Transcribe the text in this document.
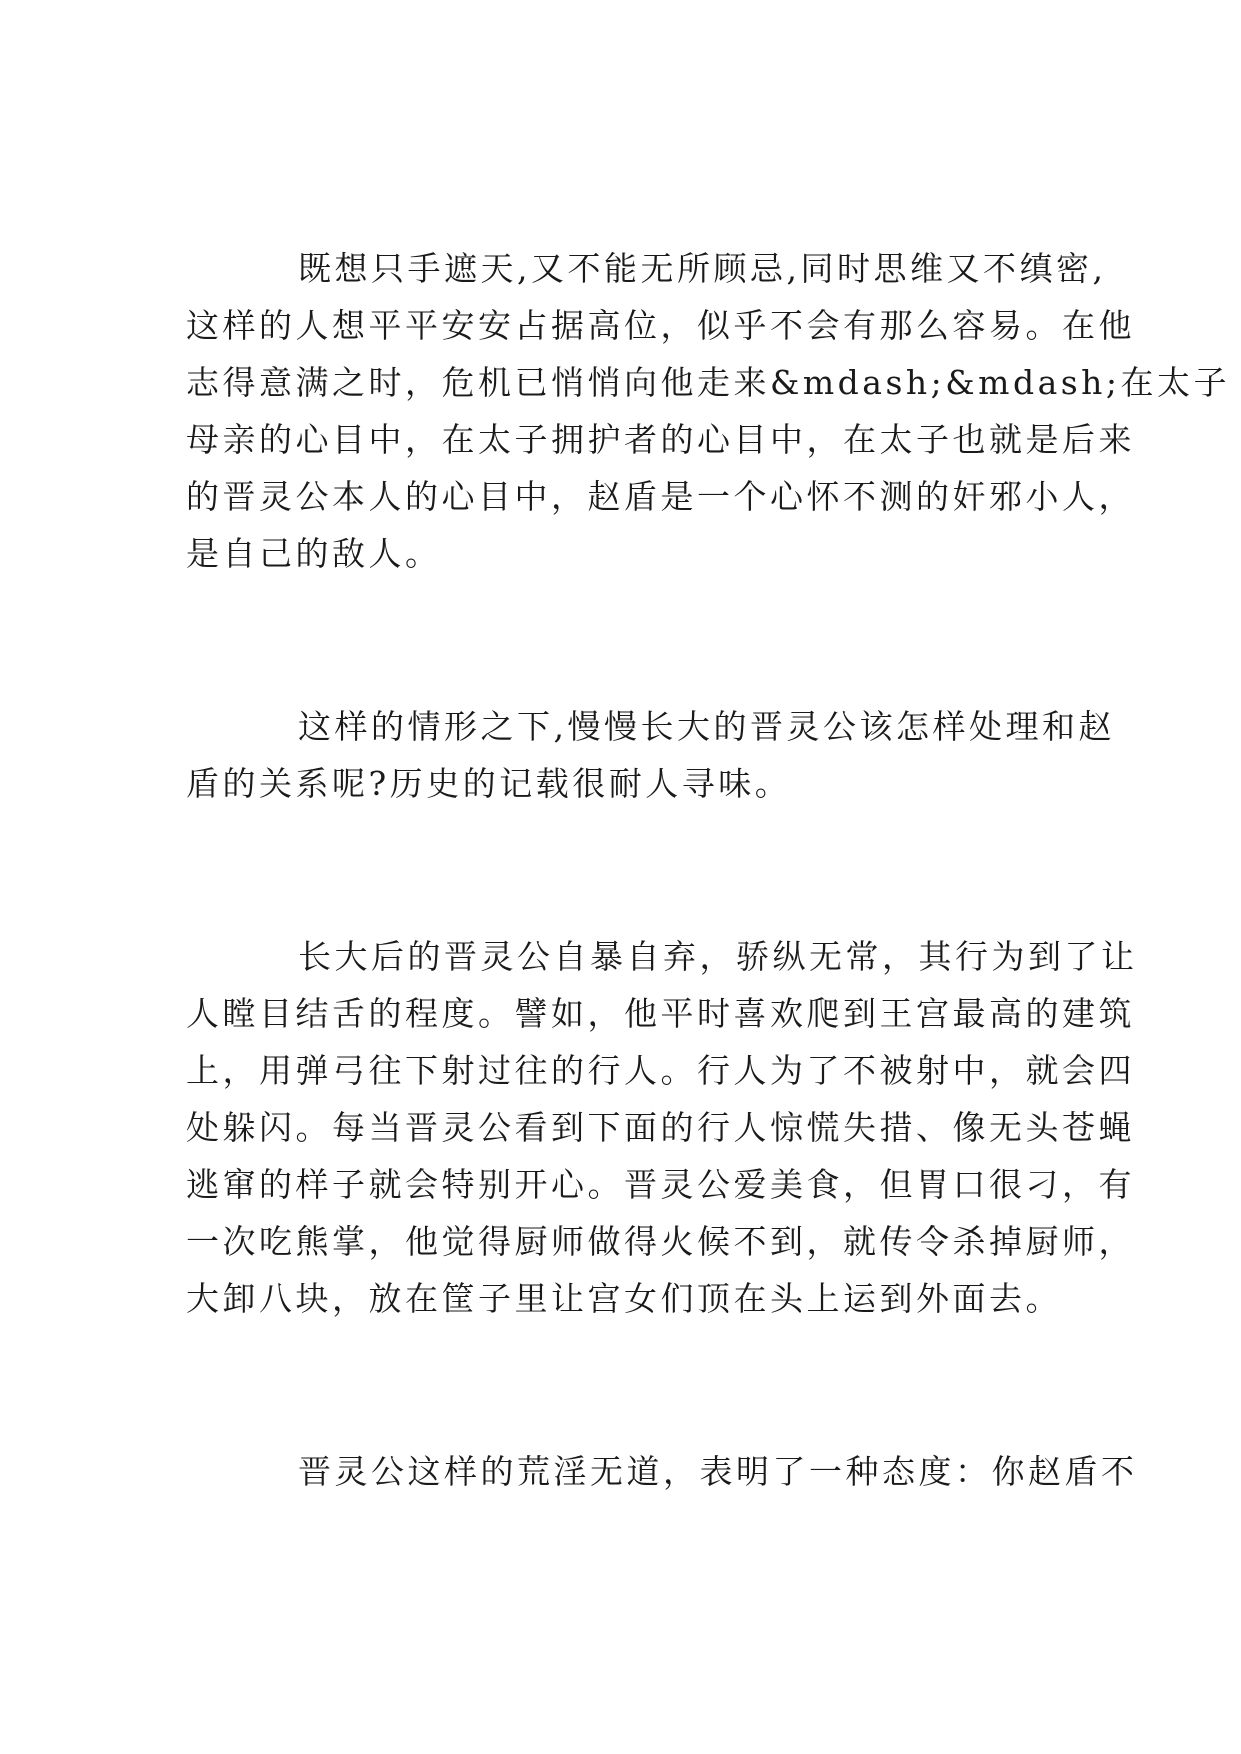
既想只手遮天,又不能无所顾忌,同时思维又不缜密,

这样的人想平平安安占据高位，似乎不会有那么容易。在他

志得意满之时，危机已悄悄向他走来&mdash;&mdash;在太子

母亲的心目中，在太子拥护者的心目中，在太子也就是后来

的晋灵公本人的心目中，赵盾是一个心怀不测的奸邪小人，

是自己的敌人。

这样的情形之下,慢慢长大的晋灵公该怎样处理和赵

盾的关系呢?历史的记载很耐人寻味。

长大后的晋灵公自暴自弃，骄纵无常，其行为到了让

人瞠目结舌的程度。譬如，他平时喜欢爬到王宫最高的建筑

上，用弹弓往下射过往的行人。行人为了不被射中，就会四

处躲闪。每当晋灵公看到下面的行人惊慌失措、像无头苍蝇

逃窜的样子就会特别开心。晋灵公爱美食，但胃口很刁，有

一次吃熊掌，他觉得厨师做得火候不到，就传令杀掉厨师，

大卸八块，放在筐子里让宫女们顶在头上运到外面去。

晋灵公这样的荒淫无道，表明了一种态度：你赵盾不
